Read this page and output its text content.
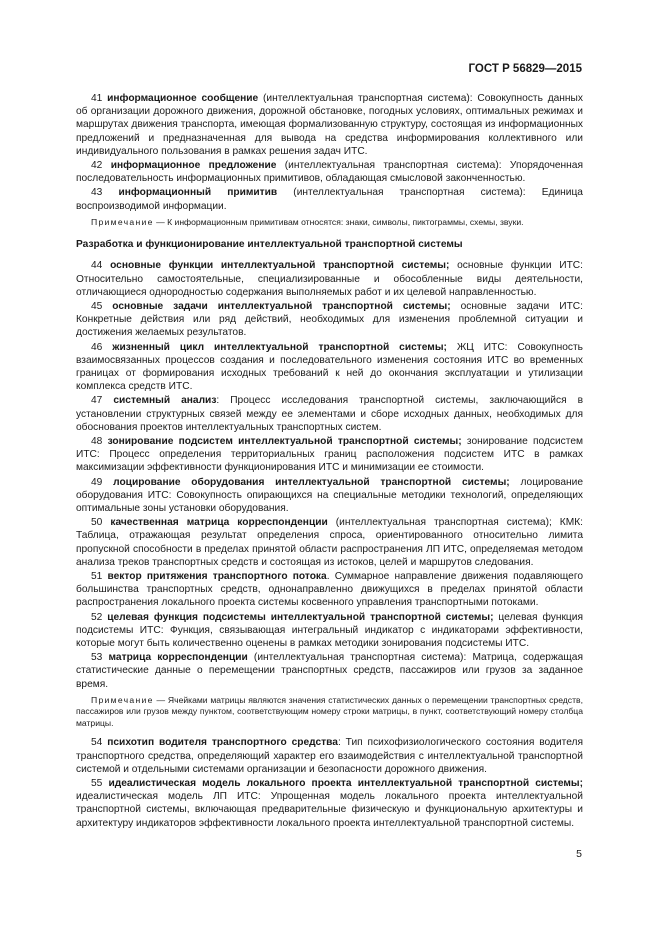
ГОСТ Р 56829—2015

41 информационное сообщение (интеллектуальная транспортная система): Совокупность данных об организации дорожного движения, дорожной обстановке, погодных условиях, оптимальных режимах и маршрутах движения транспорта, имеющая формализованную структуру, состоящая из информационных предложений и предназначенная для вывода на средства информирования коллективного или индивидуального пользования в рамках решения задач ИТС.

42 информационное предложение (интеллектуальная транспортная система): Упорядоченная последовательность информационных примитивов, обладающая смысловой законченностью.

43 информационный примитив (интеллектуальная транспортная система): Единица воспроизводимой информации.

Примечание — К информационным примитивам относятся: знаки, символы, пиктограммы, схемы, звуки.

Разработка и функционирование интеллектуальной транспортной системы

44 основные функции интеллектуальной транспортной системы; основные функции ИТС: Относительно самостоятельные, специализированные и обособленные виды деятельности, отличающиеся однородностью содержания выполняемых работ и их целевой направленностью.

45 основные задачи интеллектуальной транспортной системы; основные задачи ИТС: Конкретные действия или ряд действий, необходимых для изменения проблемной ситуации и достижения желаемых результатов.

46 жизненный цикл интеллектуальной транспортной системы; ЖЦ ИТС: Совокупность взаимосвязанных процессов создания и последовательного изменения состояния ИТС во временных границах от формирования исходных требований к ней до окончания эксплуатации и утилизации комплекса средств ИТС.

47 системный анализ: Процесс исследования транспортной системы, заключающийся в установлении структурных связей между ее элементами и сборе исходных данных, необходимых для обоснования проектов интеллектуальных транспортных систем.

48 зонирование подсистем интеллектуальной транспортной системы; зонирование подсистем ИТС: Процесс определения территориальных границ расположения подсистем ИТС в рамках максимизации эффективности функционирования ИТС и минимизации ее стоимости.

49 лоцирование оборудования интеллектуальной транспортной системы; лоцирование оборудования ИТС: Совокупность опирающихся на специальные методики технологий, определяющих оптимальные зоны установки оборудования.

50 качественная матрица корреспонденции (интеллектуальная транспортная система); КМК: Таблица, отражающая результат определения спроса, ориентированного относительно лимита пропускной способности в пределах принятой области распространения ЛП ИТС, определяемая методом анализа треков транспортных средств и состоящая из истоков, целей и маршрутов следования.

51 вектор притяжения транспортного потока. Суммарное направление движения подавляющего большинства транспортных средств, однонаправленно движущихся в пределах принятой области распространения локального проекта системы косвенного управления транспортными потоками.

52 целевая функция подсистемы интеллектуальной транспортной системы; целевая функция подсистемы ИТС: Функция, связывающая интегральный индикатор с индикаторами эффективности, которые могут быть количественно оценены в рамках методики зонирования подсистемы ИТС.

53 матрица корреспонденции (интеллектуальная транспортная система): Матрица, содержащая статистические данные о перемещении транспортных средств, пассажиров или грузов за заданное время.

Примечание — Ячейками матрицы являются значения статистических данных о перемещении транспортных средств, пассажиров или грузов между пунктом, соответствующим номеру строки матрицы, в пункт, соответствующий номеру столбца матрицы.

54 психотип водителя транспортного средства: Тип психофизиологического состояния водителя транспортного средства, определяющий характер его взаимодействия с интеллектуальной транспортной системой и отдельными системами организации и безопасности дорожного движения.

55 идеалистическая модель локального проекта интеллектуальной транспортной системы; идеалистическая модель ЛП ИТС: Упрощенная модель локального проекта интеллектуальной транспортной системы, включающая предварительные физическую и функциональную архитектуры и архитектуру индикаторов эффективности локального проекта интеллектуальной транспортной системы.

5
